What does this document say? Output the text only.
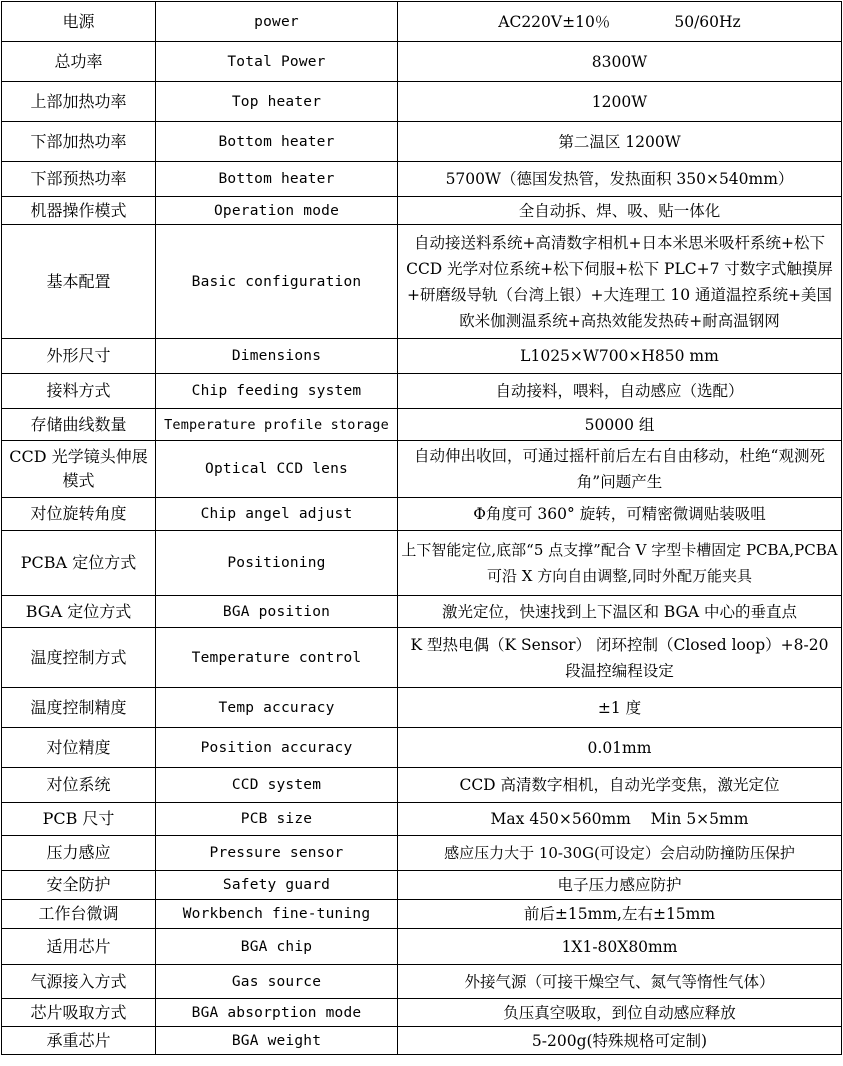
电源	power	AC220V±10％             50/60Hz
总功率	Total Power	8300W
上部加热功率	Top heater	1200W
下部加热功率	Bottom heater	第二温区 1200W
下部预热功率	Bottom heater	5700W（德国发热管，发热面积 350×540mm）
机器操作模式	Operation mode	全自动拆、焊、吸、贴一体化
基本配置	Basic configuration	自动接送料系统+高清数字相机+日本米思米吸杆系统+松下 CCD 光学对位系统+松下伺服+松下 PLC+7 寸数字式触摸屏+研磨级导轨（台湾上银）+大连理工 10 通道温控系统+美国欧米伽测温系统+高热效能发热砖+耐高温钢网
外形尺寸	Dimensions	L1025×W700×H850 mm
接料方式	Chip feeding system	自动接料，喂料，自动感应（选配）
存储曲线数量	Temperature profile storage	50000 组
CCD 光学镜头伸展模式	Optical CCD lens	自动伸出收回，可通过摇杆前后左右自由移动，杜绝“观测死角”问题产生
对位旋转角度	Chip angel adjust	Φ角度可 360° 旋转，可精密微调贴装吸咀
PCBA 定位方式	Positioning	上下智能定位,底部“5 点支撑”配合 V 字型卡槽固定 PCBA,PCBA 可沿 X 方向自由调整,同时外配万能夹具
BGA 定位方式	BGA position	激光定位，快速找到上下温区和 BGA 中心的垂直点
温度控制方式	Temperature control	K 型热电偶（K Sensor） 闭环控制（Closed loop）+8-20 段温控编程设定
温度控制精度	Temp accuracy	±1 度
对位精度	Position accuracy	0.01mm
对位系统	CCD system	CCD 高清数字相机，自动光学变焦，激光定位
PCB 尺寸	PCB size	Max 450×560mm    Min 5×5mm
压力感应	Pressure sensor	感应压力大于 10-30G(可设定）会启动防撞防压保护
安全防护	Safety guard	电子压力感应防护
工作台微调	Workbench fine-tuning	前后±15mm,左右±15mm
适用芯片	BGA chip	1X1-80X80mm
气源接入方式	Gas source	外接气源（可接干燥空气、氮气等惰性气体）
芯片吸取方式	BGA absorption mode	负压真空吸取，到位自动感应释放
承重芯片	BGA weight	5-200g(特殊规格可定制)
